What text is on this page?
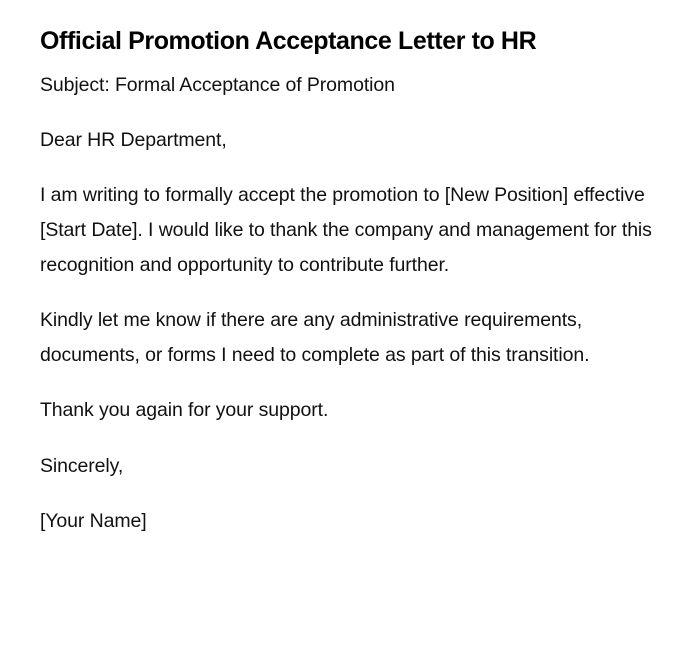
Official Promotion Acceptance Letter to HR

Subject: Formal Acceptance of Promotion

Dear HR Department,

I am writing to formally accept the promotion to [New Position] effective [Start Date]. I would like to thank the company and management for this recognition and opportunity to contribute further.

Kindly let me know if there are any administrative requirements, documents, or forms I need to complete as part of this transition.

Thank you again for your support.

Sincerely,

[Your Name]
